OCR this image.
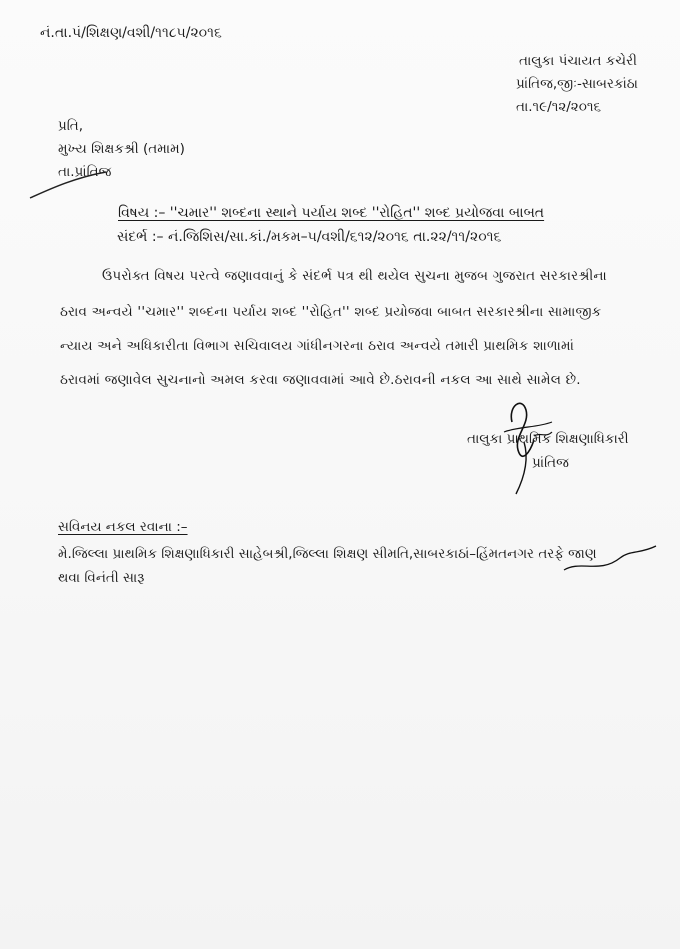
નં.તા.પં/શિક્ષણ/વશી/૧૧૮૫/૨૦૧૬
તાલુકા પંચાયત કચેરી
પ્રાંતિજ,જીઃ-સાબરકાંઠા
તા.૧૯/૧૨/૨૦૧૬
પ્રતિ,
મુખ્ય શિક્ષકશ્રી (તમામ)
તા.પ્રાંતિજ
વિષય :– ''ચમાર'' શબ્દના સ્થાને પર્યાય શબ્દ ''રોહિત'' શબ્દ પ્રયોજવા બાબત
સંદર્ભ :– નં.જિશિસ/સા.કાં./મકમ–૫/વશી/૬૧૨/૨૦૧૬ તા.૨૨/૧૧/૨૦૧૬
ઉપરોક્ત વિષય પરત્વે જણાવવાનું કે સંદર્ભ પત્ર થી થયેલ સુચના મુજબ ગુજરાત સરકારશ્રીના
ઠરાવ અન્વયે ''ચમાર'' શબ્દના પર્યાય શબ્દ ''રોહિત'' શબ્દ પ્રયોજવા બાબત સરકારશ્રીના સામાજીક
ન્યાય અને અધિકારીતા વિભાગ સચિવાલય ગાંધીનગરના ઠરાવ અન્વયે તમારી પ્રાથમિક શાળામાં
ઠરાવમાં જણાવેલ સુચનાનો અમલ કરવા જણાવવામાં આવે છે.ઠરાવની નકલ આ સાથે સામેલ છે.
તાલુકા પ્રાથમિક શિક્ષણાધિકારી
પ્રાંતિજ
સવિનય નકલ રવાના :–
મે.જિલ્લા પ્રાથમિક શિક્ષણાધિકારી સાહેબશ્રી,જિલ્લા શિક્ષણ સીમતિ,સાબરકાઠાં–હિંમતનગર તરફે જાણ
થવા વિનંતી સારૂ
